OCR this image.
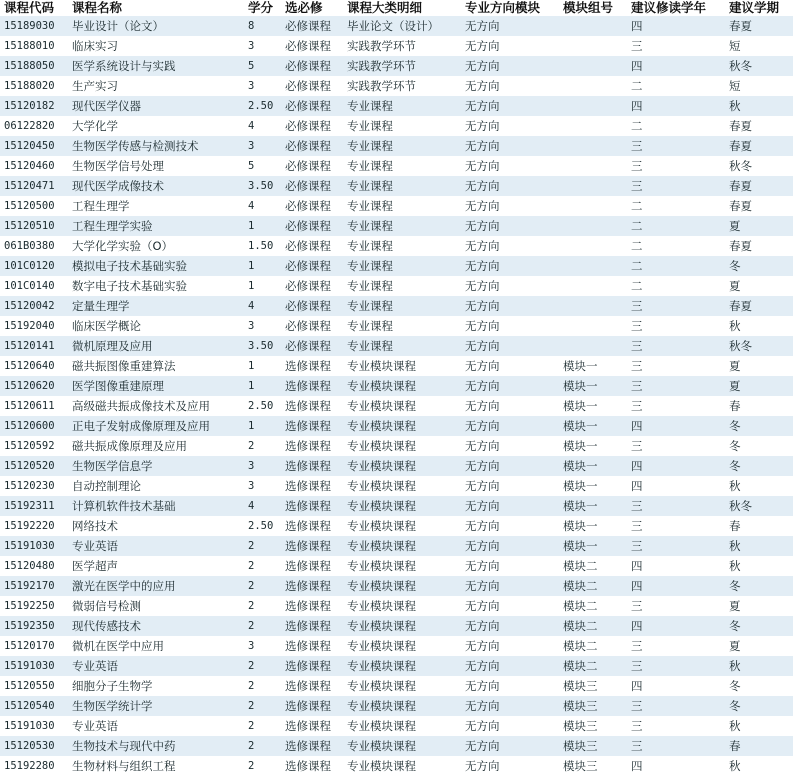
课程代码	课程名称	学分	选必修	课程大类明细	专业方向模块	模块组号	建议修读学年	建议学期
15189030	毕业设计（论文）	8	必修课程	毕业论文（设计）	无方向		四	春夏
15188010	临床实习	3	必修课程	实践教学环节	无方向		三	短
15188050	医学系统设计与实践	5	必修课程	实践教学环节	无方向		四	秋冬
15188020	生产实习	3	必修课程	实践教学环节	无方向		二	短
15120182	现代医学仪器	2.50	必修课程	专业课程	无方向		四	秋
06122820	大学化学	4	必修课程	专业课程	无方向		二	春夏
15120450	生物医学传感与检测技术	3	必修课程	专业课程	无方向		三	春夏
15120460	生物医学信号处理	5	必修课程	专业课程	无方向		三	秋冬
15120471	现代医学成像技术	3.50	必修课程	专业课程	无方向		三	春夏
15120500	工程生理学	4	必修课程	专业课程	无方向		二	春夏
15120510	工程生理学实验	1	必修课程	专业课程	无方向		二	夏
061B0380	大学化学实验（O）	1.50	必修课程	专业课程	无方向		二	春夏
101C0120	模拟电子技术基础实验	1	必修课程	专业课程	无方向		二	冬
101C0140	数字电子技术基础实验	1	必修课程	专业课程	无方向		二	夏
15120042	定量生理学	4	必修课程	专业课程	无方向		三	春夏
15192040	临床医学概论	3	必修课程	专业课程	无方向		三	秋
15120141	微机原理及应用	3.50	必修课程	专业课程	无方向		三	秋冬
15120640	磁共振图像重建算法	1	选修课程	专业模块课程	无方向	模块一	三	夏
15120620	医学图像重建原理	1	选修课程	专业模块课程	无方向	模块一	三	夏
15120611	高级磁共振成像技术及应用	2.50	选修课程	专业模块课程	无方向	模块一	三	春
15120600	正电子发射成像原理及应用	1	选修课程	专业模块课程	无方向	模块一	四	冬
15120592	磁共振成像原理及应用	2	选修课程	专业模块课程	无方向	模块一	三	冬
15120520	生物医学信息学	3	选修课程	专业模块课程	无方向	模块一	四	冬
15120230	自动控制理论	3	选修课程	专业模块课程	无方向	模块一	四	秋
15192311	计算机软件技术基础	4	选修课程	专业模块课程	无方向	模块一	三	秋冬
15192220	网络技术	2.50	选修课程	专业模块课程	无方向	模块一	三	春
15191030	专业英语	2	选修课程	专业模块课程	无方向	模块一	三	秋
15120480	医学超声	2	选修课程	专业模块课程	无方向	模块二	四	秋
15192170	激光在医学中的应用	2	选修课程	专业模块课程	无方向	模块二	四	冬
15192250	微弱信号检测	2	选修课程	专业模块课程	无方向	模块二	三	夏
15192350	现代传感技术	2	选修课程	专业模块课程	无方向	模块二	四	冬
15120170	微机在医学中应用	3	选修课程	专业模块课程	无方向	模块二	三	夏
15191030	专业英语	2	选修课程	专业模块课程	无方向	模块二	三	秋
15120550	细胞分子生物学	2	选修课程	专业模块课程	无方向	模块三	四	冬
15120540	生物医学统计学	2	选修课程	专业模块课程	无方向	模块三	三	冬
15191030	专业英语	2	选修课程	专业模块课程	无方向	模块三	三	秋
15120530	生物技术与现代中药	2	选修课程	专业模块课程	无方向	模块三	三	春
15192280	生物材料与组织工程	2	选修课程	专业模块课程	无方向	模块三	四	秋
